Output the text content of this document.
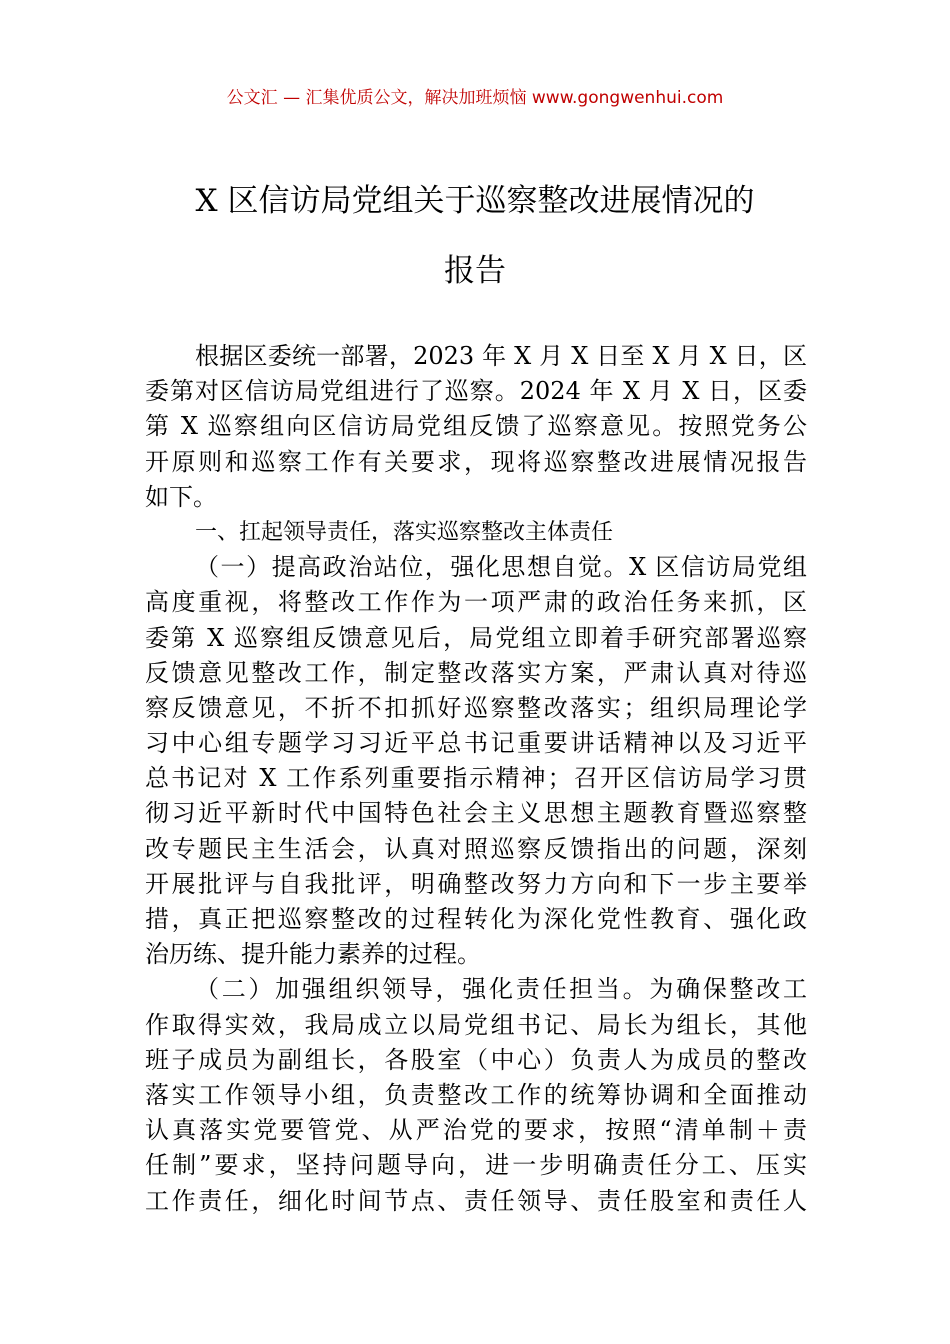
公文汇 — 汇集优质公文，解决加班烦恼 www.gongwenhui.com
X 区信访局党组关于巡察整改进展情况的
报告
根据区委统一部署，2023 年 X 月 X 日至 X 月 X 日，区
委第对区信访局党组进行了巡察。2024 年 X 月 X 日，区委
第 X 巡察组向区信访局党组反馈了巡察意见。按照党务公
开原则和巡察工作有关要求，现将巡察整改进展情况报告
如下。
一、扛起领导责任，落实巡察整改主体责任
（一）提高政治站位，强化思想自觉。X 区信访局党组
高度重视，将整改工作作为一项严肃的政治任务来抓，区
委第 X 巡察组反馈意见后，局党组立即着手研究部署巡察
反馈意见整改工作，制定整改落实方案，严肃认真对待巡
察反馈意见，不折不扣抓好巡察整改落实；组织局理论学
习中心组专题学习习近平总书记重要讲话精神以及习近平
总书记对 X 工作系列重要指示精神；召开区信访局学习贯
彻习近平新时代中国特色社会主义思想主题教育暨巡察整
改专题民主生活会，认真对照巡察反馈指出的问题，深刻
开展批评与自我批评，明确整改努力方向和下一步主要举
措，真正把巡察整改的过程转化为深化党性教育、强化政
治历练、提升能力素养的过程。
（二）加强组织领导，强化责任担当。为确保整改工
作取得实效，我局成立以局党组书记、局长为组长，其他
班子成员为副组长，各股室（中心）负责人为成员的整改
落实工作领导小组，负责整改工作的统筹协调和全面推动
认真落实党要管党、从严治党的要求，按照“清单制＋责
任制”要求，坚持问题导向，进一步明确责任分工、压实
工作责任，细化时间节点、责任领导、责任股室和责任人
